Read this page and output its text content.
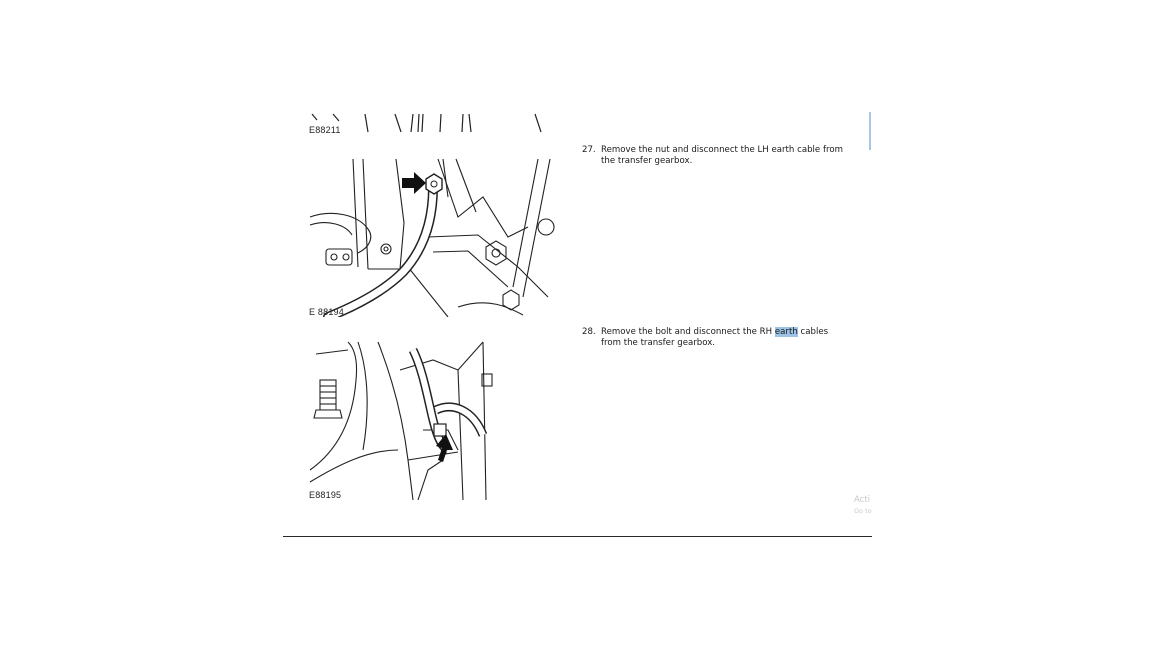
E88211
E 88194
E88195
27. Remove the nut and disconnect the LH earth cable from
the transfer gearbox.
28. Remove the bolt and disconnect the RH earth cables
from the transfer gearbox.
Acti
Go to
